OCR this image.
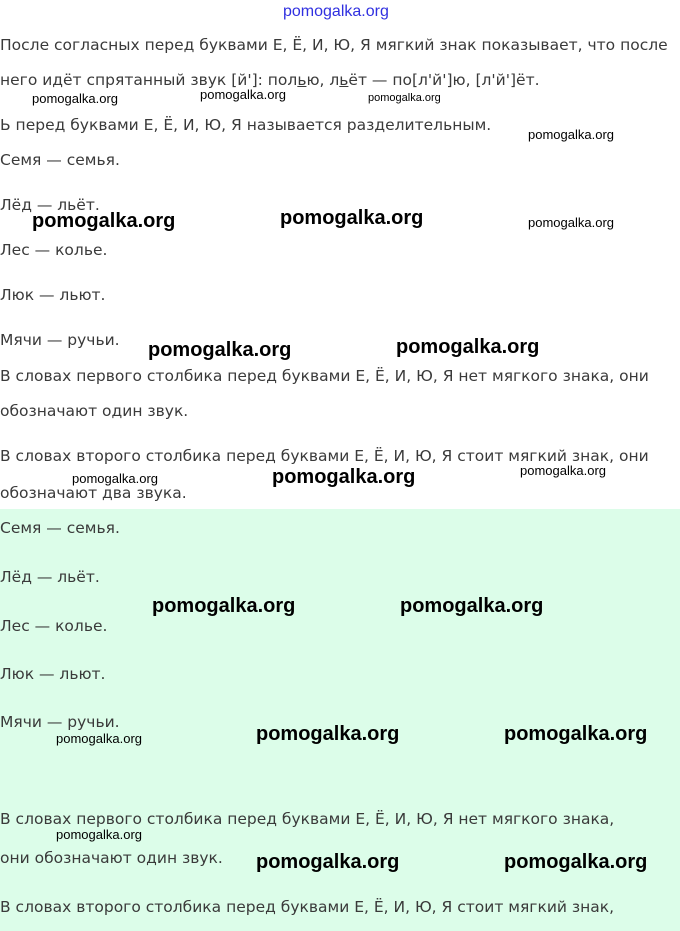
После согласных перед буквами Е, Ё, И, Ю, Я мягкий знак показывает, что после
него идёт спрятанный звук [й']: полью, льёт — по[л'й']ю, [л'й']ёт.
Ь перед буквами Е, Ё, И, Ю, Я называется разделительным.
Семя — семья.
Лёд — льёт.
Лес — колье.
Люк — льют.
Мячи — ручьи.
В словах первого столбика перед буквами Е, Ё, И, Ю, Я нет мягкого знака, они
обозначают один звук.
В словах второго столбика перед буквами Е, Ё, И, Ю, Я стоит мягкий знак, они
обозначают два звука.
Семя — семья.
Лёд — льёт.
Лес — колье.
Люк — льют.
Мячи — ручьи.
В словах первого столбика перед буквами Е, Ё, И, Ю, Я нет мягкого знака,
они обозначают один звук.
В словах второго столбика перед буквами Е, Ё, И, Ю, Я стоит мягкий знак,
pomogalka.org
pomogalka.org	pomogalka.org	pomogalka.org
pomogalka.org
pomogalka.org	pomogalka.org	pomogalka.org
pomogalka.org	pomogalka.org
pomogalka.org	pomogalka.org	pomogalka.org
pomogalka.org	pomogalka.org
pomogalka.org	pomogalka.org	pomogalka.org
pomogalka.org
pomogalka.org	pomogalka.org
